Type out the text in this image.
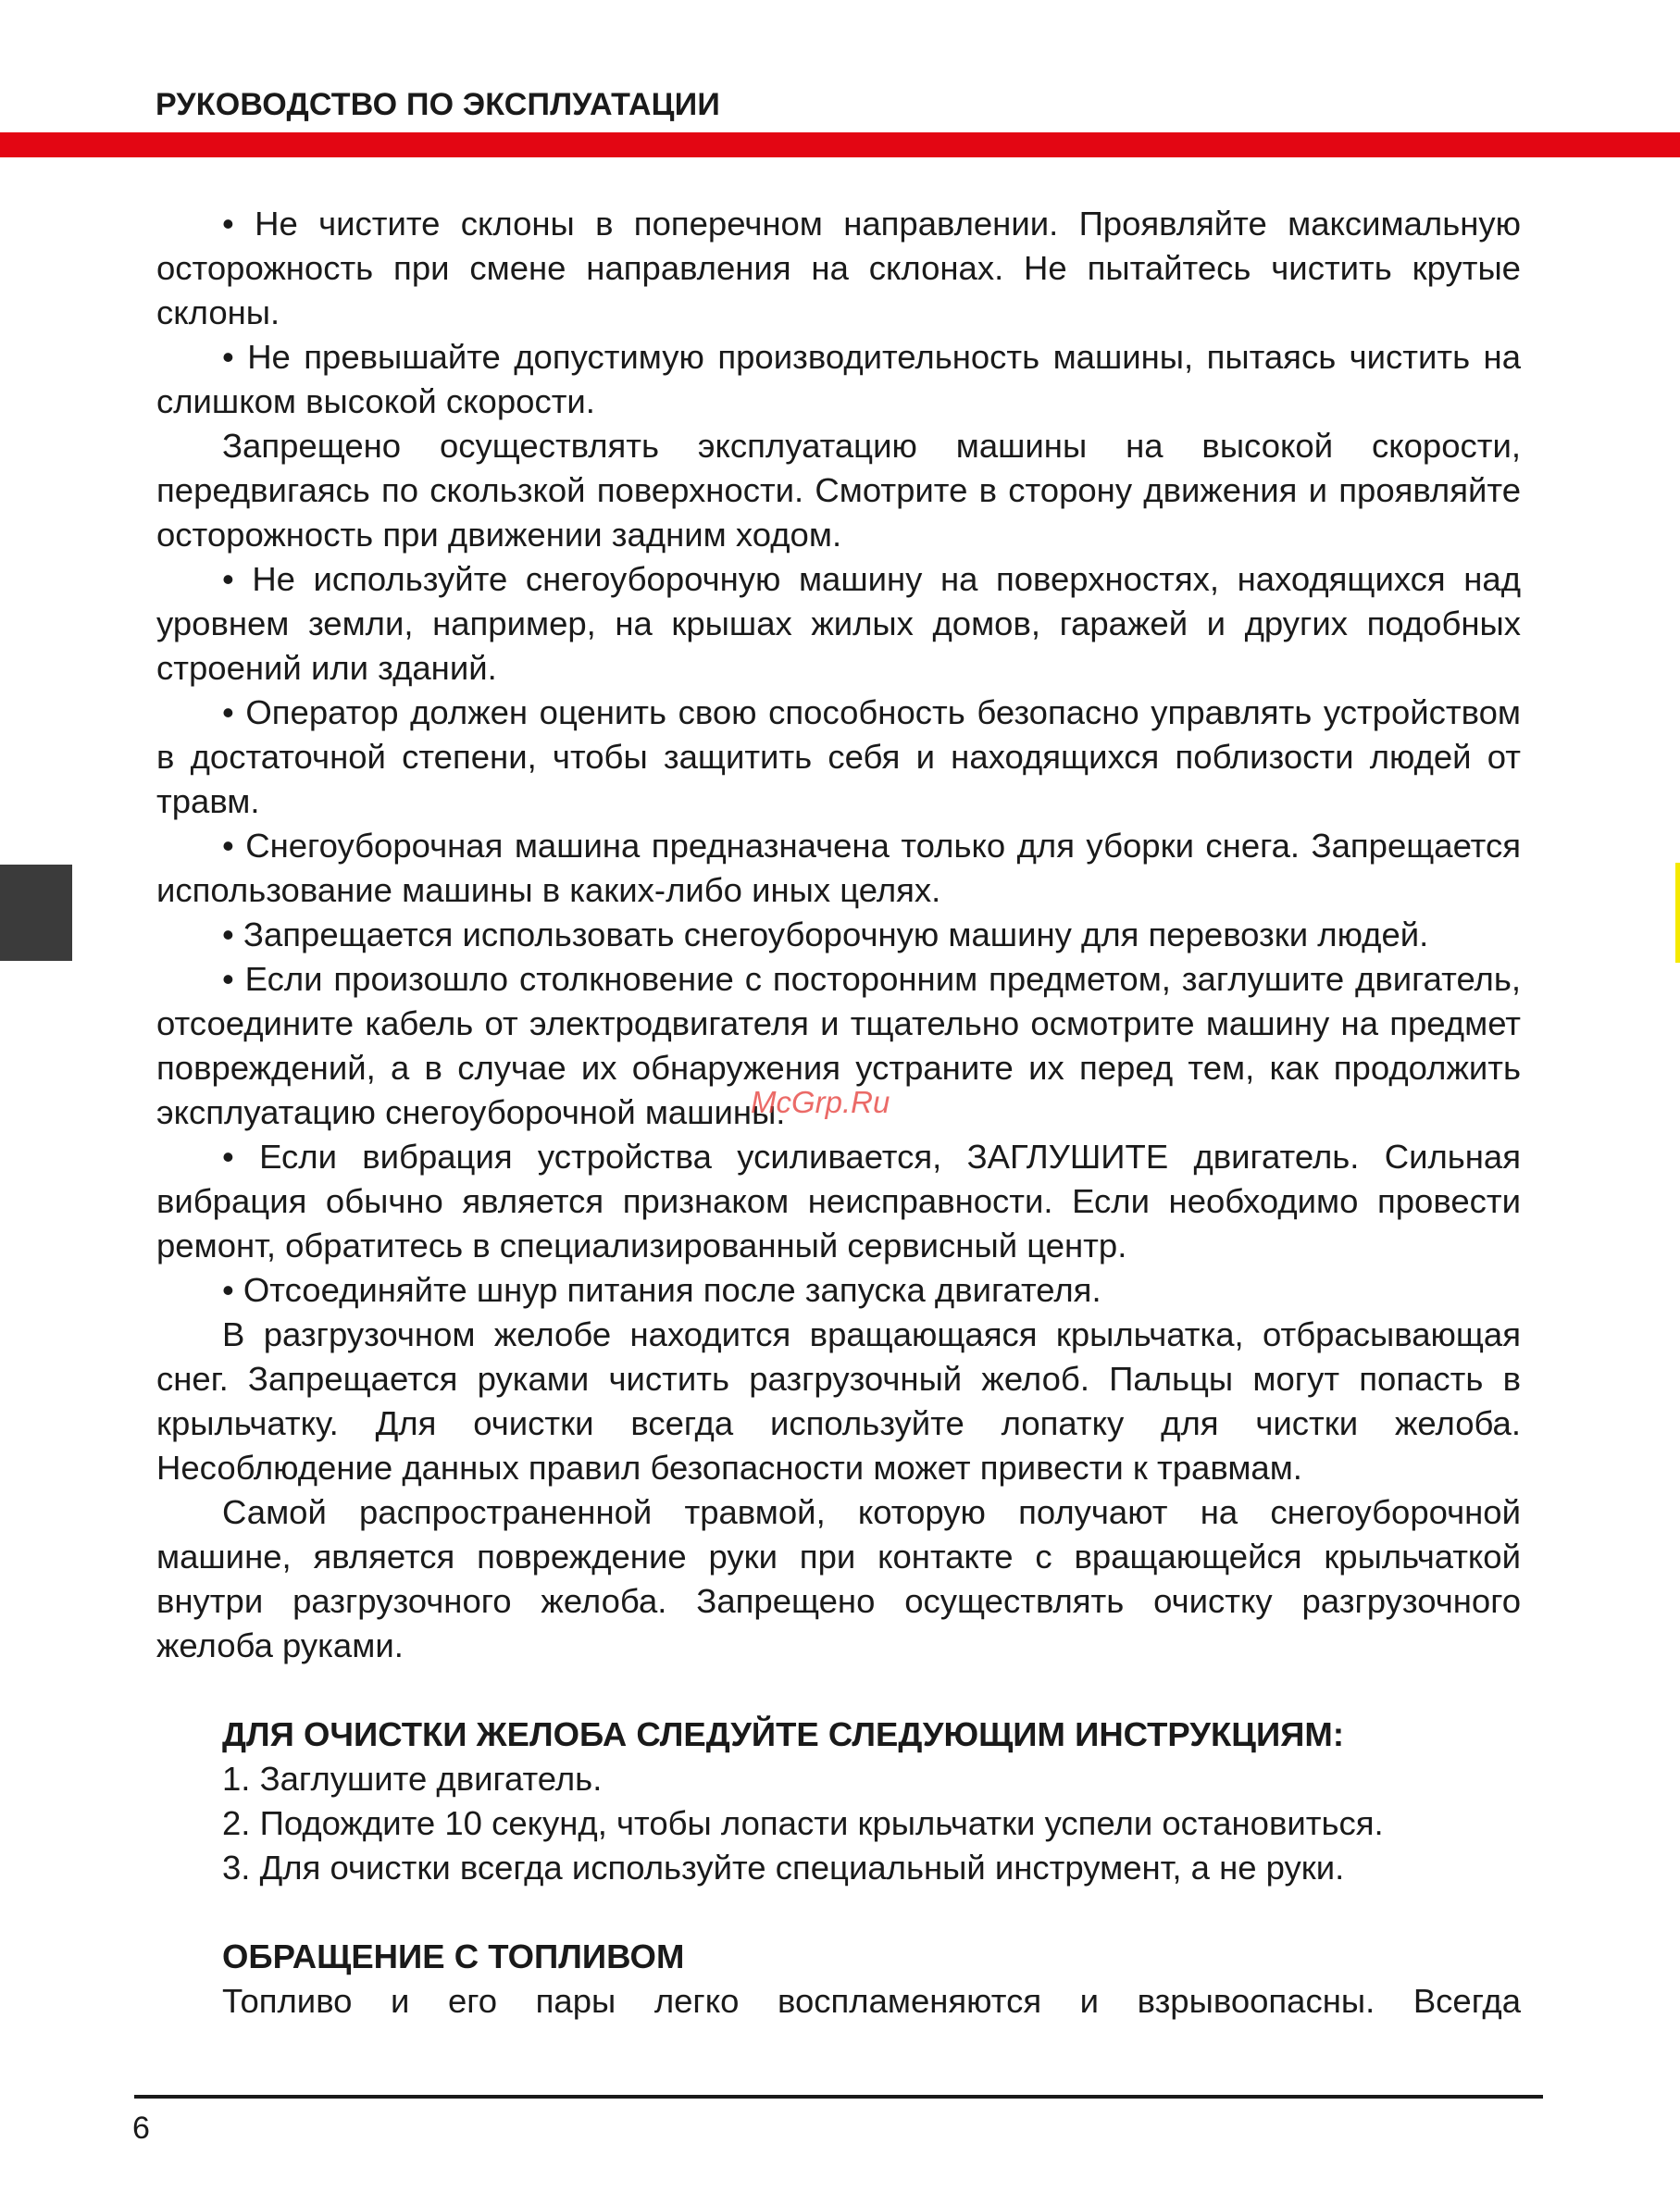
РУКОВОДСТВО ПО ЭКСПЛУАТАЦИИ

• Не чистите склоны в поперечном направлении. Проявляйте максимальную осторожность при смене направления на склонах. Не пытайтесь чистить крутые склоны.

• Не превышайте допустимую производительность машины, пытаясь чистить на слишком высокой скорости.

Запрещено осуществлять эксплуатацию машины на высокой скорости, передвигаясь по скользкой поверхности. Смотрите в сторону движения и проявляйте осторожность при движении задним ходом.

• Не используйте снегоуборочную машину на поверхностях, находящихся над уровнем земли, например, на крышах жилых домов, гаражей и других подобных строений или зданий.

• Оператор должен оценить свою способность безопасно управлять устройством в достаточной степени, чтобы защитить себя и находящихся поблизости людей от травм.

• Снегоуборочная машина предназначена только для уборки снега. Запрещается использование машины в каких-либо иных целях.

• Запрещается использовать снегоуборочную машину для перевозки людей.

• Если произошло столкновение с посторонним предметом, заглушите двигатель, отсоедините кабель от электродвигателя и тщательно осмотрите машину на предмет повреждений, а в случае их обнаружения устраните их перед тем, как продолжить эксплуатацию снегоуборочной машины.

• Если вибрация устройства усиливается, ЗАГЛУШИТЕ двигатель. Сильная вибрация обычно является признаком неисправности. Если необходимо провести ремонт, обратитесь в специализированный сервисный центр.

• Отсоединяйте шнур питания после запуска двигателя.

В разгрузочном желобе находится вращающаяся крыльчатка, отбрасывающая снег. Запрещается руками чистить разгрузочный желоб. Пальцы могут попасть в крыльчатку. Для очистки всегда используйте лопатку для чистки желоба. Несоблюдение данных правил безопасности может привести к травмам.

Самой распространенной травмой, которую получают на снегоуборочной машине, является повреждение руки при контакте с вращающейся крыльчаткой внутри разгрузочного желоба. Запрещено осуществлять очистку разгрузочного желоба руками.

ДЛЯ ОЧИСТКИ ЖЕЛОБА СЛЕДУЙТЕ СЛЕДУЮЩИМ ИНСТРУКЦИЯМ:

1. Заглушите двигатель.

2. Подождите 10 секунд, чтобы лопасти крыльчатки успели остановиться.

3. Для очистки всегда используйте специальный инструмент, а не руки.

ОБРАЩЕНИЕ С ТОПЛИВОМ

Топливо и его пары легко воспламеняются и взрывоопасны. Всегда

McGrp.Ru
6
